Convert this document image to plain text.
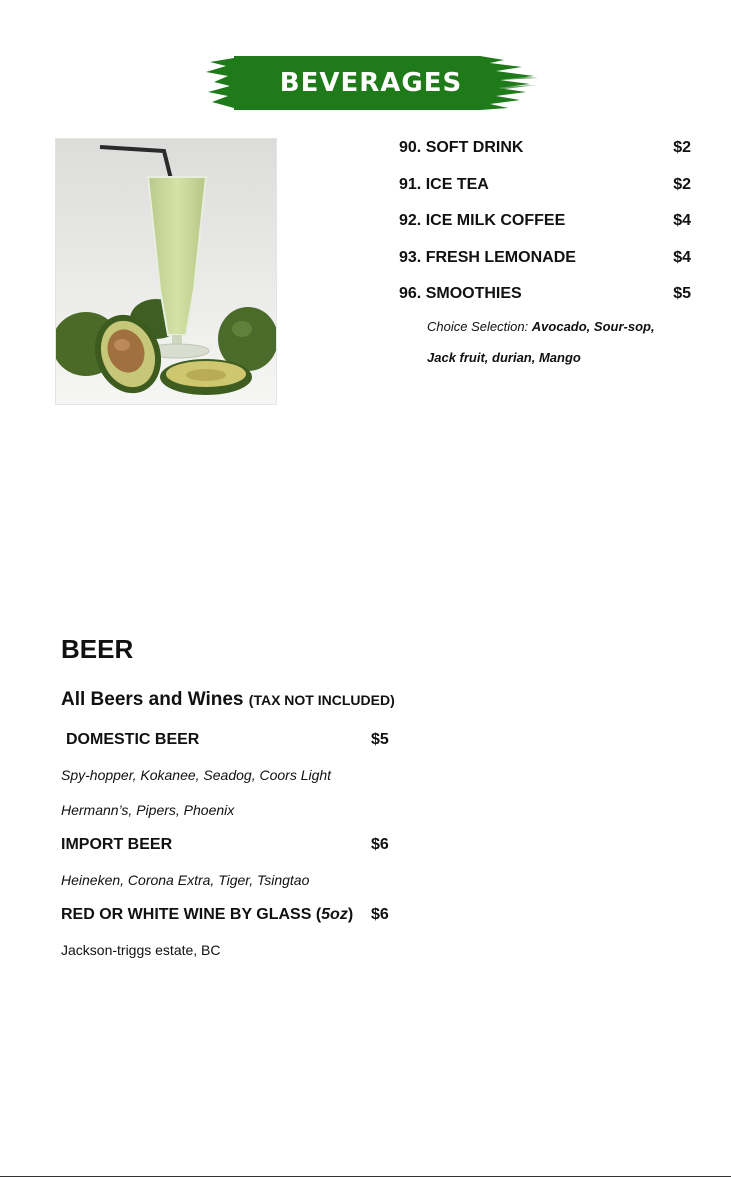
BEVERAGES
90. SOFT DRINK	$2
91. ICE TEA	$2
92. ICE MILK COFFEE	$4
93. FRESH LEMONADE	$4
96. SMOOTHIES	$5
Choice Selection: Avocado, Sour-sop,
Jack fruit, durian, Mango
BEER
All Beers and Wines (TAX NOT INCLUDED)
DOMESTIC BEER	$5
Spy-hopper, Kokanee, Seadog, Coors Light
Hermann’s, Pipers, Phoenix
IMPORT BEER	$6
Heineken, Corona Extra, Tiger, Tsingtao
RED OR WHITE WINE BY GLASS (5oz) $6
Jackson-triggs estate, BC
